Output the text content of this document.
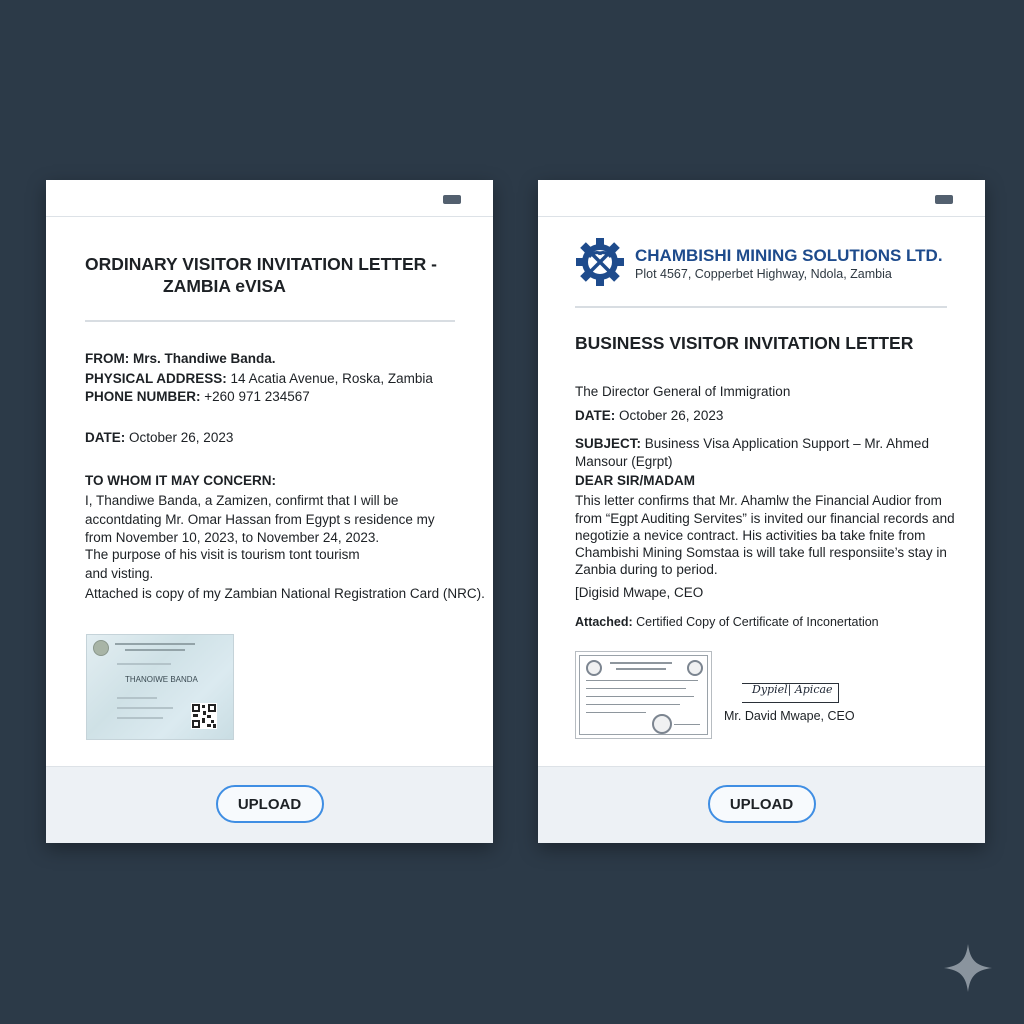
ORDINARY VISITOR INVITATION LETTER -
ZAMBIA eVISA
FROM: Mrs. Thandiwe Banda.
PHYSICAL ADDRESS: 14 Acatia Avenue, Roska, Zambia
PHONE NUMBER: +260 971 234567
DATE: October 26, 2023
TO WHOM IT MAY CONCERN:
I, Thandiwe Banda, a Zamizen, confirmt that I will be
accontdating Mr. Omar Hassan from Egypt s residence my
from November 10, 2023, to November 24, 2023.
The purpose of his visit is tourism tont tourism
and visting.
Attached is copy of my Zambian National Registration Card (NRC).
THANOIWE BANDA
UPLOAD
CHAMBISHI MINING SOLUTIONS LTD.
Plot 4567, Copperbet Highway, Ndola, Zambia
BUSINESS VISITOR INVITATION LETTER
The Director General of Immigration
DATE: October 26, 2023
SUBJECT: Business Visa Application Support – Mr. Ahmed
Mansour (Egrpt)
DEAR SIR/MADAM
This letter confirms that Mr. Ahamlw the Financial Audior from
from “Egpt Auditing Servites” is invited our financial records and
negotizie a nevice contract. His activities ba take fnite from
Chambishi Mining Somstaa is will take full responsiite’s stay in
Zanbia during to period.
[Digisid Mwape, CEO
Attached: Certified Copy of Certificate of Inconertation
Dypiel| Apicae
Mr. David Mwape, CEO
UPLOAD
